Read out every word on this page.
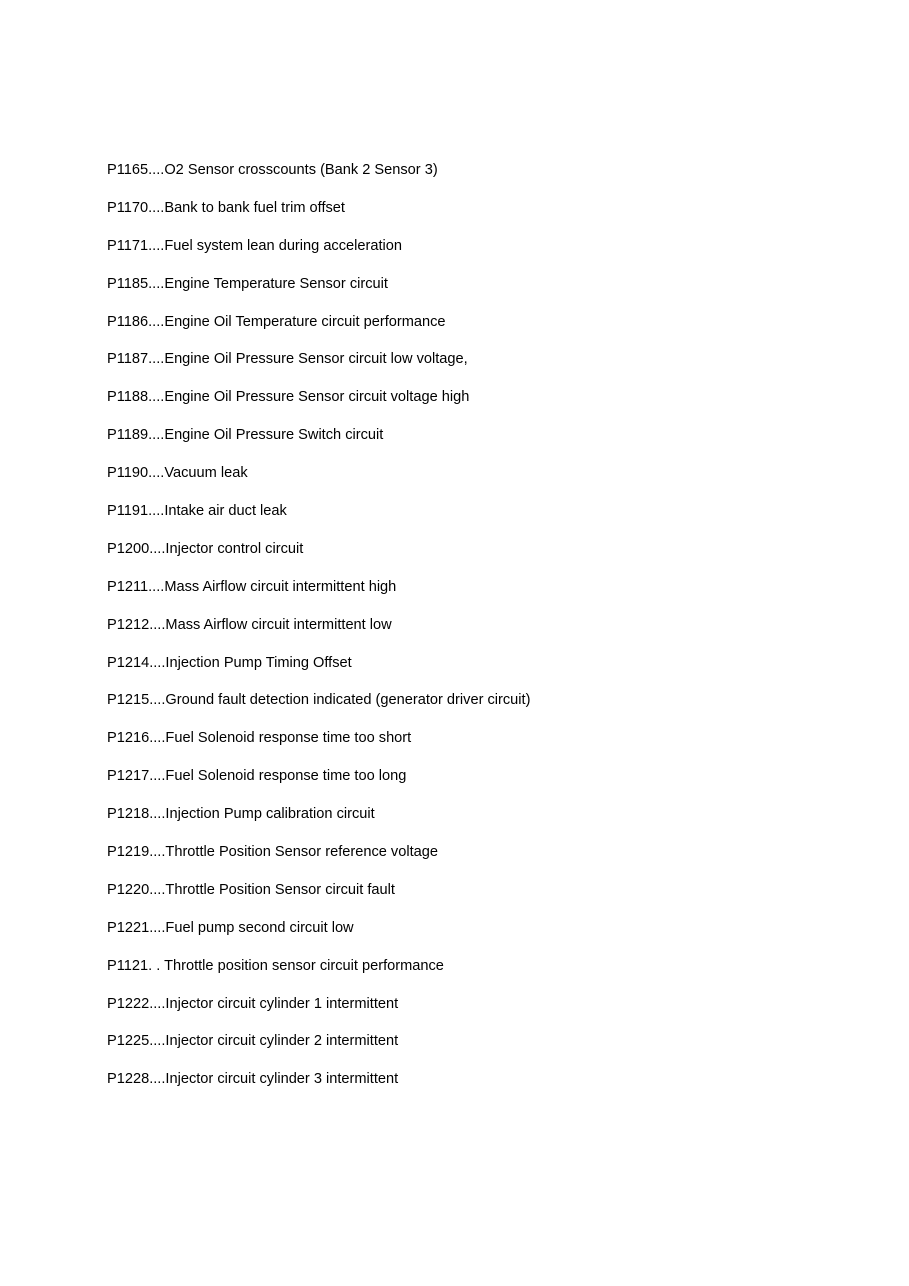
P1165....O2 Sensor crosscounts (Bank 2 Sensor 3)
P1170....Bank to bank fuel trim offset
P1171....Fuel system lean during acceleration
P1185....Engine Temperature Sensor circuit
P1186....Engine Oil Temperature circuit performance
P1187....Engine Oil Pressure Sensor circuit low voltage,
P1188....Engine Oil Pressure Sensor circuit voltage high
P1189....Engine Oil Pressure Switch circuit
P1190....Vacuum leak
P1191....Intake air duct leak
P1200....Injector control circuit
P1211....Mass Airflow circuit intermittent high
P1212....Mass Airflow circuit intermittent low
P1214....Injection Pump Timing Offset
P1215....Ground fault detection indicated (generator driver circuit)
P1216....Fuel Solenoid response time too short
P1217....Fuel Solenoid response time too long
P1218....Injection Pump calibration circuit
P1219....Throttle Position Sensor reference voltage
P1220....Throttle Position Sensor circuit fault
P1221....Fuel pump second circuit low
P1121. . Throttle position sensor circuit performance
P1222....Injector circuit cylinder 1 intermittent
P1225....Injector circuit cylinder 2 intermittent
P1228....Injector circuit cylinder 3 intermittent
